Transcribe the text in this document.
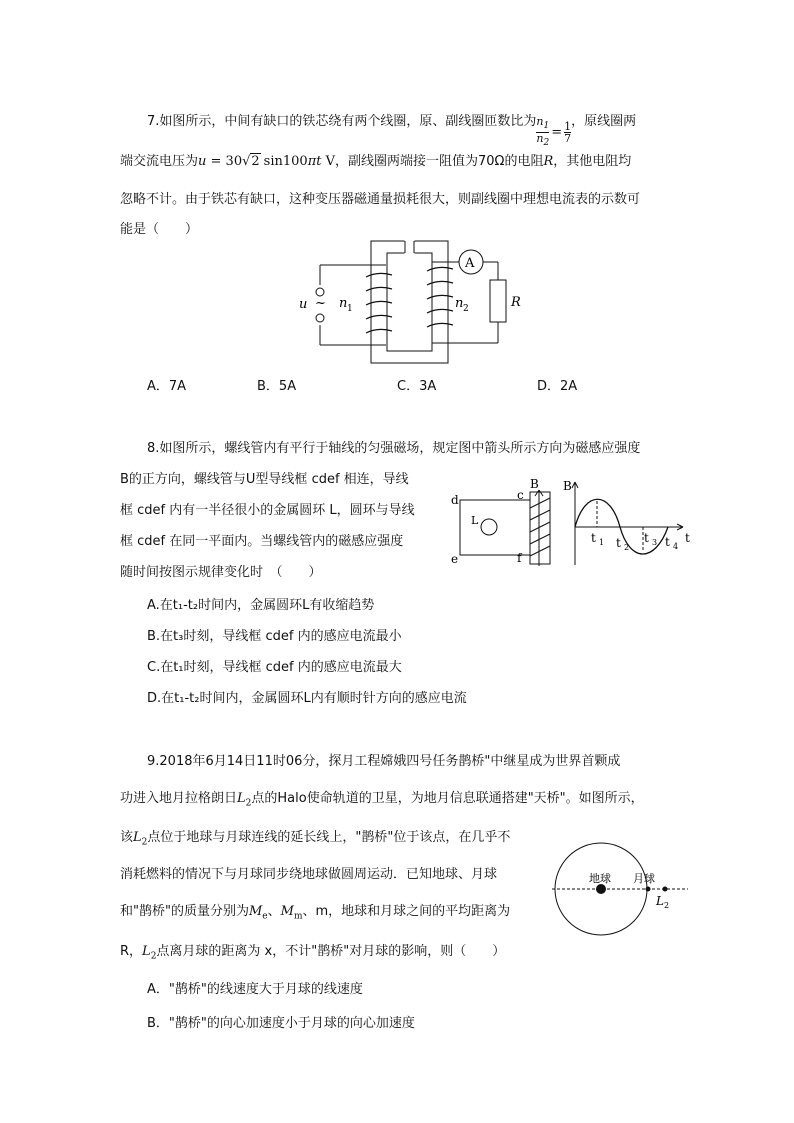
7.如图所示，中间有缺口的铁芯绕有两个线圈，原、副线圈匝数比为 $\frac{n_1}{n_2} = \frac{1}{7}$ ，原线圈两
端交流电压为u = 30√2 sin100πt V，副线圈两端接一阻值为70Ω的电阻R，其他电阻均
忽略不计。由于铁芯有缺口，这种变压器磁通量损耗很大，则副线圈中理想电流表的示数可
能是（　　）
u ~ n 1	n 2
A
R
A．7A	B．5A	C．3A	D．2A
8.如图所示，螺线管内有平行于轴线的匀强磁场，规定图中箭头所示方向为磁感应强度
B的正方向，螺线管与U型导线框 cdef 相连，导线
框 cdef 内有一半径很小的金属圆环 L，圆环与导线
框 cdef 在同一平面内。当螺线管内的磁感应强度
随时间按图示规律变化时　（　　）
d	c
e	f
L
B B
t
t 1 t 2
t 3 t 4
A.在t₁-t₂时间内，金属圆环L有收缩趋势
B.在t₃时刻，导线框 cdef 内的感应电流最小
C.在t₁时刻，导线框 cdef 内的感应电流最大
D.在t₁-t₂时间内，金属圆环L内有顺时针方向的感应电流
9.2018年6月14日11时06分，探月工程嫦娥四号任务鹊桥"中继星成为世界首颗成
功进入地月拉格朗日$L_2$点的Halo使命轨道的卫星，为地月信息联通搭建"天桥"。如图所示，
该$L_2$点位于地球与月球连线的延长线上，"鹊桥"位于该点，在几乎不
消耗燃料的情况下与月球同步绕地球做圆周运动．已知地球、月球
和"鹊桥"的质量分别为$M_e$、$M_m$、m，地球和月球之间的平均距离为
R，$L_2$点离月球的距离为 x，不计"鹊桥"对月球的影响，则（　　）
地球 月球
L 2
A．"鹊桥"的线速度大于月球的线速度
B．"鹊桥"的向心加速度小于月球的向心加速度
